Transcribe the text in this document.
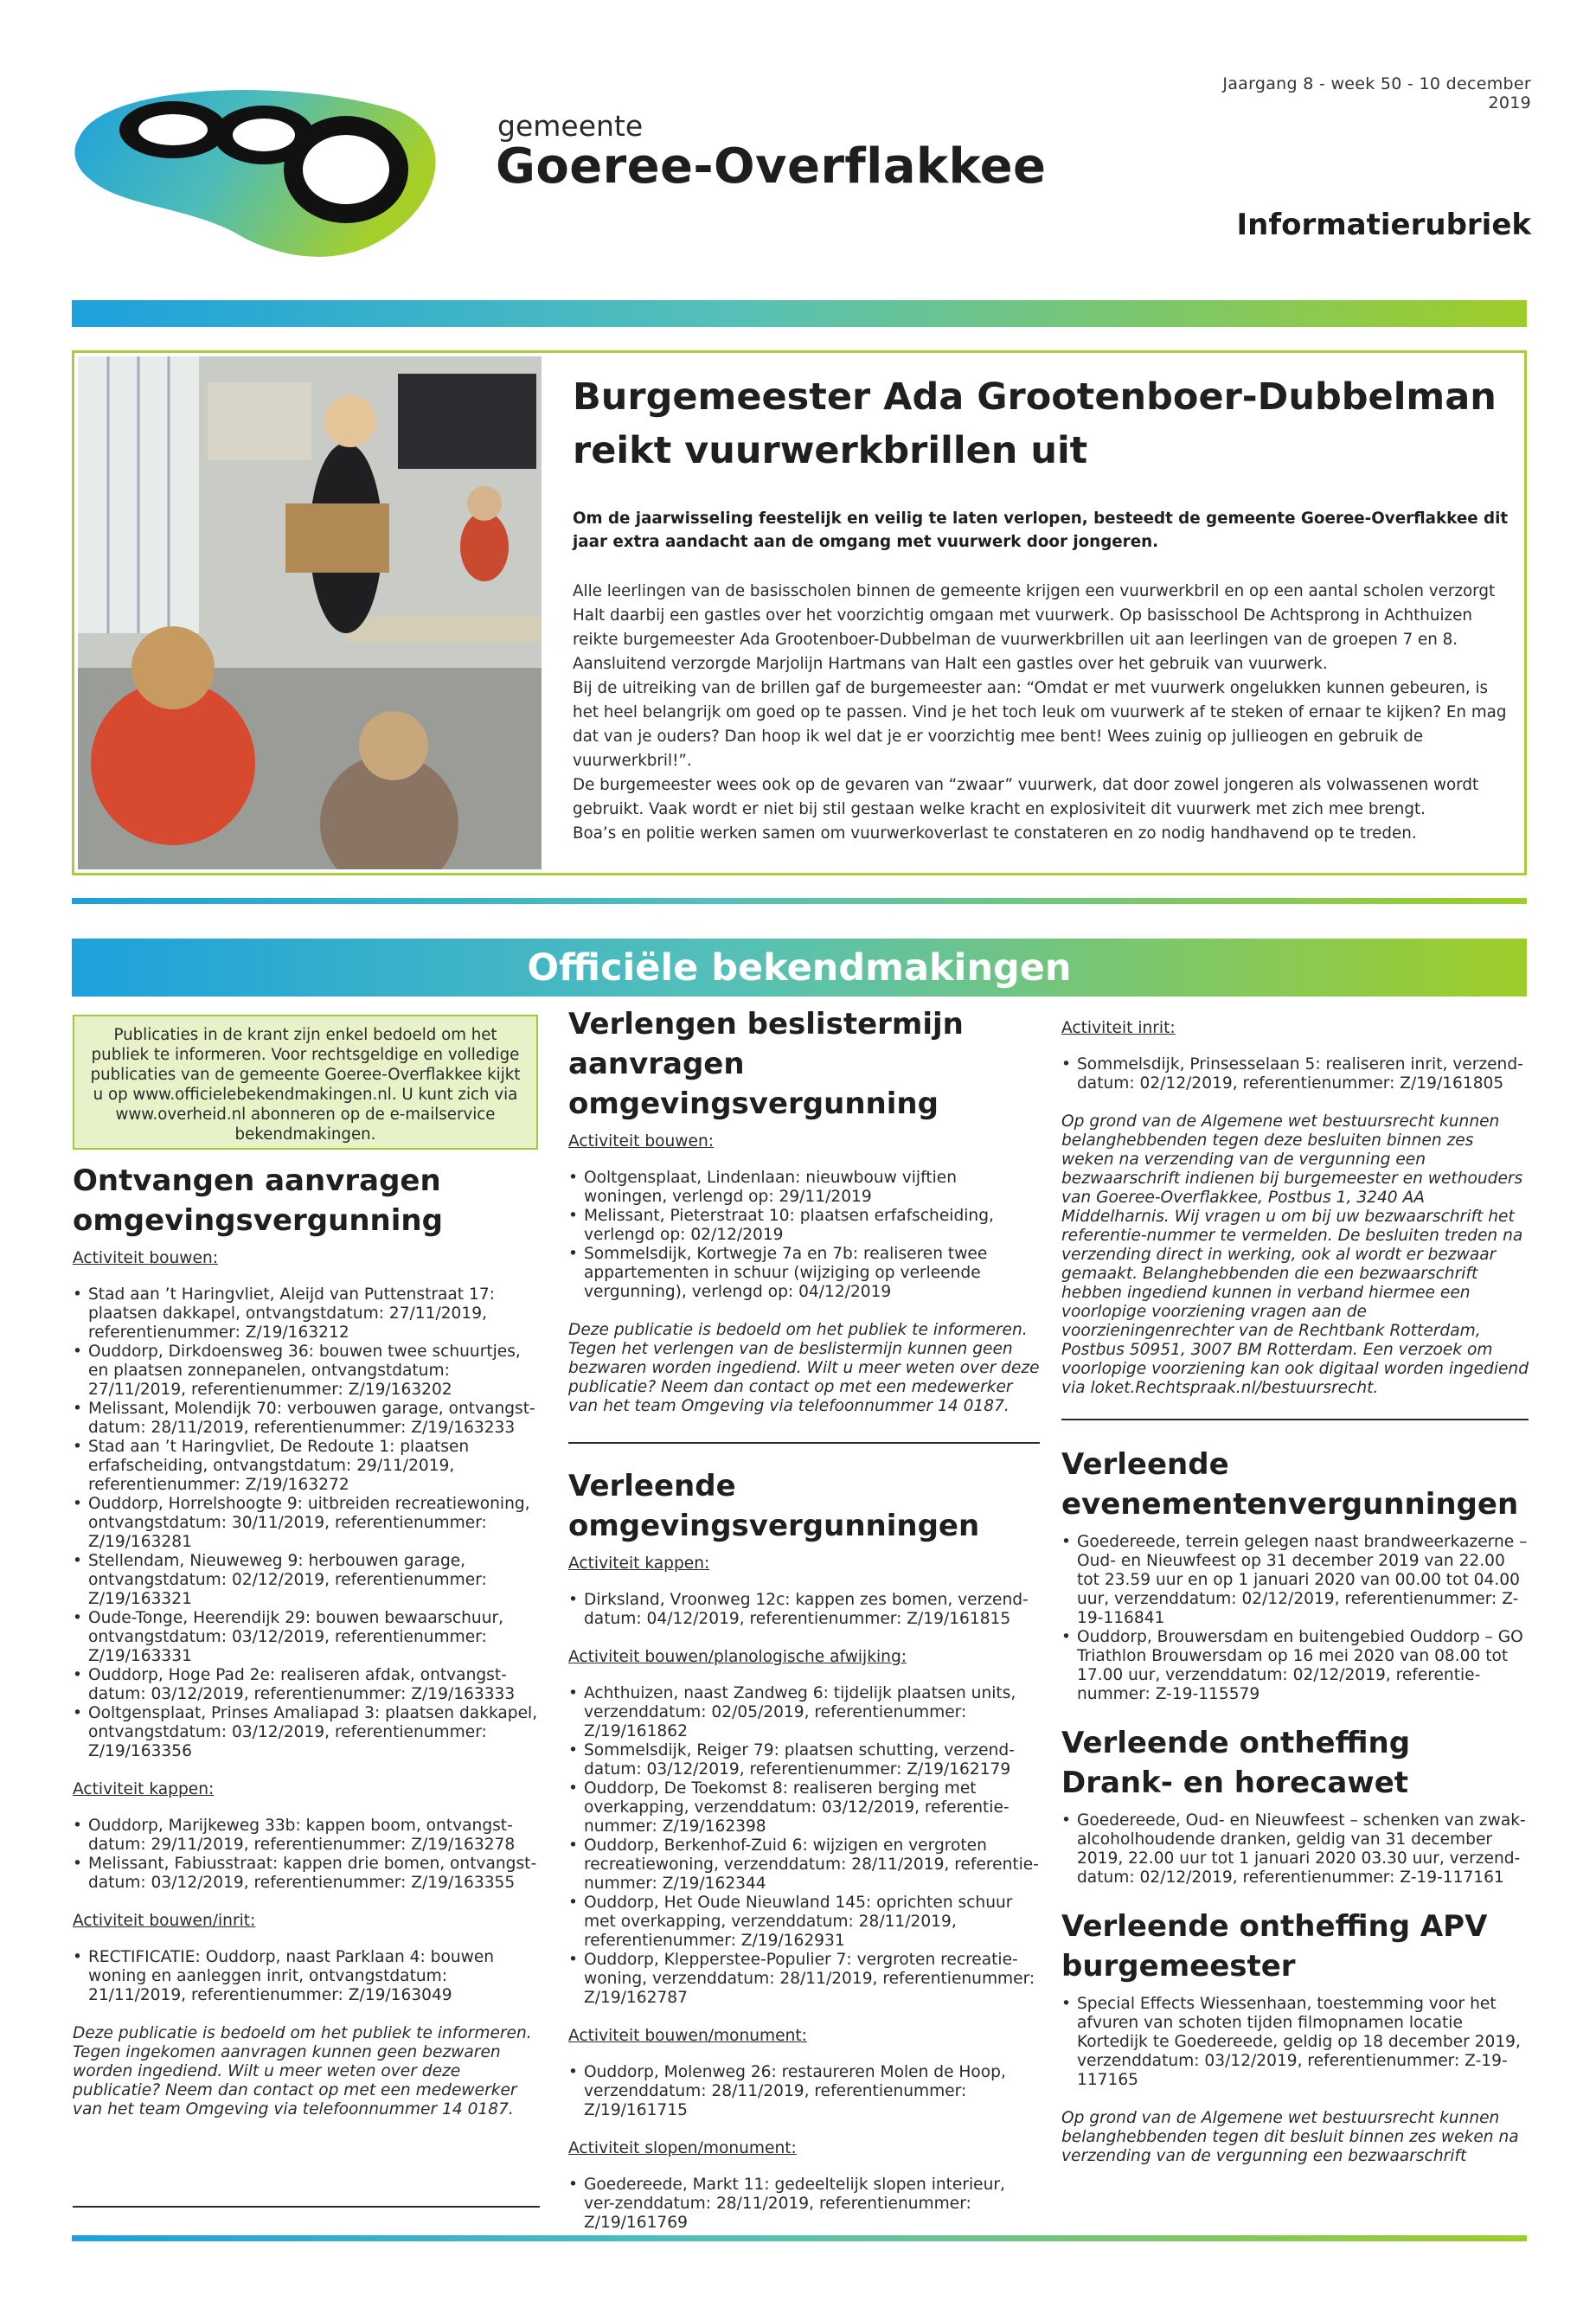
gemeente
Goeree-Overflakkee
Jaargang 8 - week 50 - 10 december 2019
Informatierubriek
Burgemeester Ada Grootenboer-Dubbelman reikt vuurwerkbrillen uit
Om de jaarwisseling feestelijk en veilig te laten verlopen, besteedt de gemeente Goeree-Overflakkee dit jaar extra aandacht aan de omgang met vuurwerk door jongeren.

Alle leerlingen van de basisscholen binnen de gemeente krijgen een vuurwerkbril en op een aantal scholen verzorgt Halt daarbij een gastles over het voorzichtig omgaan met vuurwerk. Op basisschool De Achtsprong in Achthuizen reikte burgemeester Ada Grootenboer-Dubbelman de vuurwerkbrillen uit aan leerlingen van de groepen 7 en 8. Aansluitend verzorgde Marjolijn Hartmans van Halt een gastles over het gebruik van vuurwerk.

Bij de uitreiking van de brillen gaf de burgemeester aan: “Omdat er met vuurwerk ongelukken kunnen gebeuren, is het heel belangrijk om goed op te passen. Vind je het toch leuk om vuurwerk af te steken of ernaar te kijken? En mag dat van je ouders? Dan hoop ik wel dat je er voorzichtig mee bent! Wees zuinig op jullieogen en gebruik de vuurwerkbril!”.

De burgemeester wees ook op de gevaren van “zwaar” vuurwerk, dat door zowel jongeren als volwassenen wordt gebruikt. Vaak wordt er niet bij stil gestaan welke kracht en explosiviteit dit vuurwerk met zich mee brengt.

Boa’s en politie werken samen om vuurwerkoverlast te constateren en zo nodig handhavend op te treden.

Officiële bekendmakingen
Publicaties in de krant zijn enkel bedoeld om het publiek te informeren. Voor rechtsgeldige en volledige publicaties van de gemeente Goeree-Overflakkee kijkt u op www.officielebekendmakingen.nl. U kunt zich via www.overheid.nl abonneren op de e-mailservice bekendmakingen.
Ontvangen aanvragen omgevingsvergunning
Activiteit bouwen:
• Stad aan ’t Haringvliet, Aleijd van Puttenstraat 17: plaatsen dakkapel, ontvangstdatum: 27/11/2019, referentienummer: Z/19/163212
• Ouddorp, Dirkdoensweg 36: bouwen twee schuurtjes, en plaatsen zonnepanelen, ontvangstdatum: 27/11/2019, referentienummer: Z/19/163202
• Melissant, Molendijk 70: verbouwen garage, ontvangst-datum: 28/11/2019, referentienummer: Z/19/163233
• Stad aan ’t Haringvliet, De Redoute 1: plaatsen erfafscheiding, ontvangstdatum: 29/11/2019, referentienummer: Z/19/163272
• Ouddorp, Horrelshoogte 9: uitbreiden recreatiewoning, ontvangstdatum: 30/11/2019, referentienummer: Z/19/163281
• Stellendam, Nieuweweg 9: herbouwen garage, ontvangstdatum: 02/12/2019, referentienummer: Z/19/163321
• Oude-Tonge, Heerendijk 29: bouwen bewaarschuur, ontvangstdatum: 03/12/2019, referentienummer: Z/19/163331
• Ouddorp, Hoge Pad 2e: realiseren afdak, ontvangst-datum: 03/12/2019, referentienummer: Z/19/163333
• Ooltgensplaat, Prinses Amaliapad 3: plaatsen dakkapel, ontvangstdatum: 03/12/2019, referentienummer: Z/19/163356
Activiteit kappen:
• Ouddorp, Marijkeweg 33b: kappen boom, ontvangst-datum: 29/11/2019, referentienummer: Z/19/163278
• Melissant, Fabiusstraat: kappen drie bomen, ontvangst-datum: 03/12/2019, referentienummer: Z/19/163355
Activiteit bouwen/inrit:
• RECTIFICATIE: Ouddorp, naast Parklaan 4: bouwen woning en aanleggen inrit, ontvangstdatum: 21/11/2019, referentienummer: Z/19/163049
Deze publicatie is bedoeld om het publiek te informeren. Tegen ingekomen aanvragen kunnen geen bezwaren worden ingediend. Wilt u meer weten over deze publicatie? Neem dan contact op met een medewerker van het team Omgeving via telefoonnummer 14 0187.
Verlengen beslistermijn aanvragen omgevingsvergunning
Activiteit bouwen:
• Ooltgensplaat, Lindenlaan: nieuwbouw vijftien woningen, verlengd op: 29/11/2019
• Melissant, Pieterstraat 10: plaatsen erfafscheiding, verlengd op: 02/12/2019
• Sommelsdijk, Kortwegje 7a en 7b: realiseren twee appartementen in schuur (wijziging op verleende vergunning), verlengd op: 04/12/2019
Deze publicatie is bedoeld om het publiek te informeren. Tegen het verlengen van de beslistermijn kunnen geen bezwaren worden ingediend. Wilt u meer weten over deze publicatie? Neem dan contact op met een medewerker van het team Omgeving via telefoonnummer 14 0187.
Verleende omgevingsvergunningen
Activiteit kappen:
• Dirksland, Vroonweg 12c: kappen zes bomen, verzend-datum: 04/12/2019, referentienummer: Z/19/161815
Activiteit bouwen/planologische afwijking:
• Achthuizen, naast Zandweg 6: tijdelijk plaatsen units, verzenddatum: 02/05/2019, referentienummer: Z/19/161862
• Sommelsdijk, Reiger 79: plaatsen schutting, verzend-datum: 03/12/2019, referentienummer: Z/19/162179
• Ouddorp, De Toekomst 8: realiseren berging met overkapping, verzenddatum: 03/12/2019, referentie-nummer: Z/19/162398
• Ouddorp, Berkenhof-Zuid 6: wijzigen en vergroten recreatiewoning, verzenddatum: 28/11/2019, referentie-nummer: Z/19/162344
• Ouddorp, Het Oude Nieuwland 145: oprichten schuur met overkapping, verzenddatum: 28/11/2019, referentienummer: Z/19/162931
• Ouddorp, Klepperstee-Populier 7: vergroten recreatie-woning, verzenddatum: 28/11/2019, referentienummer: Z/19/162787
Activiteit bouwen/monument:
• Ouddorp, Molenweg 26: restaureren Molen de Hoop, verzenddatum: 28/11/2019, referentienummer: Z/19/161715
Activiteit slopen/monument:
• Goedereede, Markt 11: gedeeltelijk slopen interieur, ver-zenddatum: 28/11/2019, referentienummer: Z/19/161769
Activiteit inrit:
• Sommelsdijk, Prinsesselaan 5: realiseren inrit, verzend-datum: 02/12/2019, referentienummer: Z/19/161805
Op grond van de Algemene wet bestuursrecht kunnen belanghebbenden tegen deze besluiten binnen zes weken na verzending van de vergunning een bezwaarschrift indienen bij burgemeester en wethouders van Goeree-Overflakkee, Postbus 1, 3240 AA Middelharnis. Wij vragen u om bij uw bezwaarschrift het referentie-nummer te vermelden. De besluiten treden na verzending direct in werking, ook al wordt er bezwaar gemaakt. Belanghebbenden die een bezwaarschrift hebben ingediend kunnen in verband hiermee een voorlopige voorziening vragen aan de voorzieningenrechter van de Rechtbank Rotterdam, Postbus 50951, 3007 BM Rotterdam. Een verzoek om voorlopige voorziening kan ook digitaal worden ingediend via loket.Rechtspraak.nl/bestuursrecht.
Verleende evenementenvergunningen
• Goedereede, terrein gelegen naast brandweerkazerne – Oud- en Nieuwfeest op 31 december 2019 van 22.00 tot 23.59 uur en op 1 januari 2020 van 00.00 tot 04.00 uur, verzenddatum: 02/12/2019, referentienummer: Z-19-116841
• Ouddorp, Brouwersdam en buitengebied Ouddorp – GO Triathlon Brouwersdam op 16 mei 2020 van 08.00 tot 17.00 uur, verzenddatum: 02/12/2019, referentie-nummer: Z-19-115579
Verleende ontheffing Drank- en horecawet
• Goedereede, Oud- en Nieuwfeest – schenken van zwak-alcoholhoudende dranken, geldig van 31 december 2019, 22.00 uur tot 1 januari 2020 03.30 uur, verzend-datum: 02/12/2019, referentienummer: Z-19-117161
Verleende ontheffing APV burgemeester
• Special Effects Wiessenhaan, toestemming voor het afvuren van schoten tijden filmopnamen locatie Kortedijk te Goedereede, geldig op 18 december 2019, verzenddatum: 03/12/2019, referentienummer: Z-19-117165
Op grond van de Algemene wet bestuursrecht kunnen belanghebbenden tegen dit besluit binnen zes weken na verzending van de vergunning een bezwaarschrift
